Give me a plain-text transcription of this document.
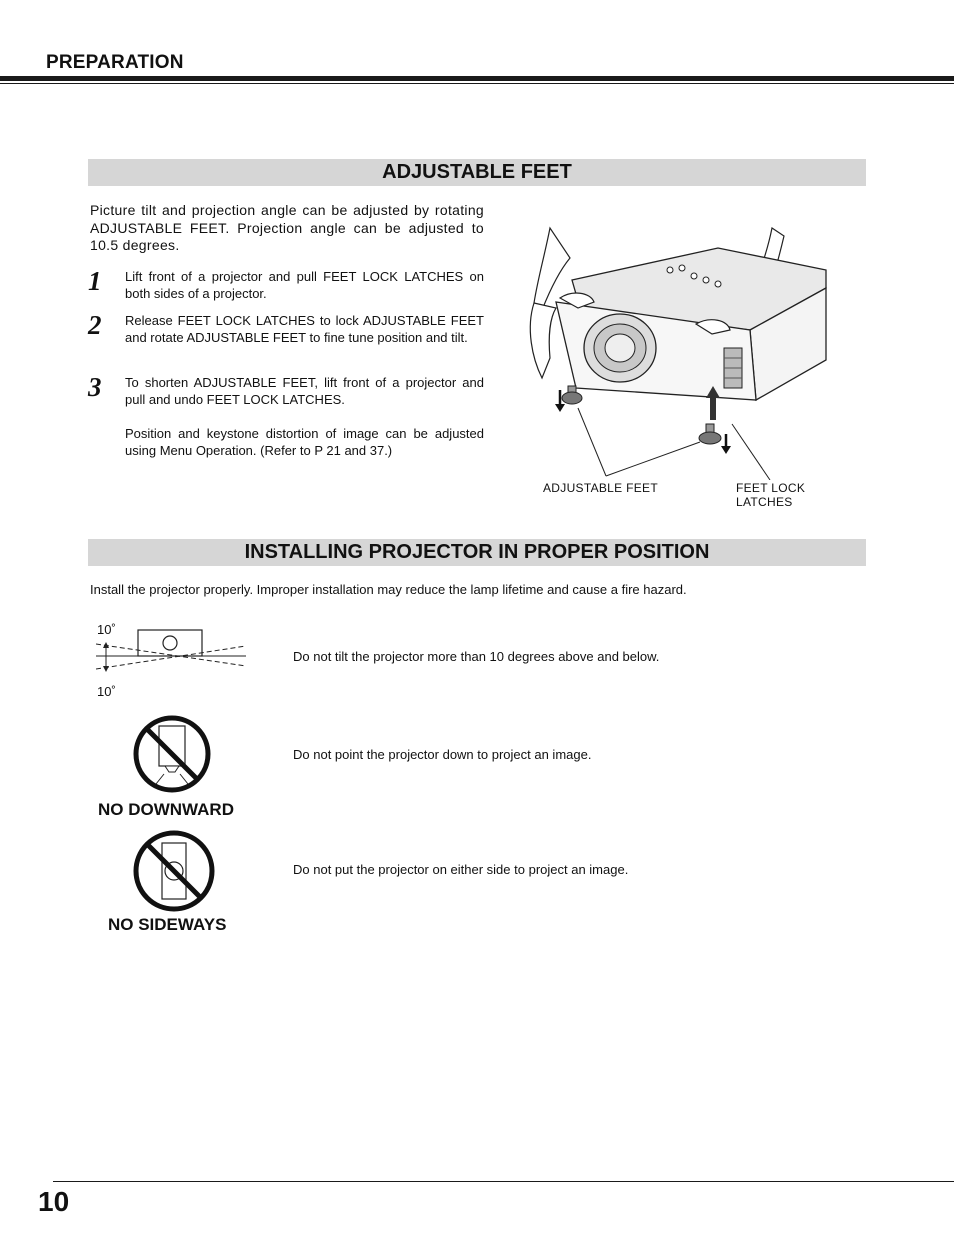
PREPARATION
ADJUSTABLE FEET
Picture tilt and projection angle can be adjusted by rotating ADJUSTABLE FEET. Projection angle can be adjusted to 10.5 degrees.
1 Lift front of a projector and pull FEET LOCK LATCHES on both sides of a projector.
2 Release FEET LOCK LATCHES to lock ADJUSTABLE FEET and rotate ADJUSTABLE FEET to fine tune position and tilt.
3 To shorten ADJUSTABLE FEET, lift front of a projector and pull and undo FEET LOCK LATCHES.
Position and keystone distortion of image can be adjusted using Menu Operation. (Refer to P 21 and 37.)
ADJUSTABLE FEET	FEET LOCK
LATCHES
INSTALLING PROJECTOR IN PROPER POSITION
Install the projector properly. Improper installation may reduce the lamp lifetime and cause a fire hazard.
10˚
10˚
Do not tilt the projector more than 10 degrees above and below.
NO DOWNWARD
Do not point the projector down to project an image.
NO SIDEWAYS
Do not put the projector on either side to project an image.
10
